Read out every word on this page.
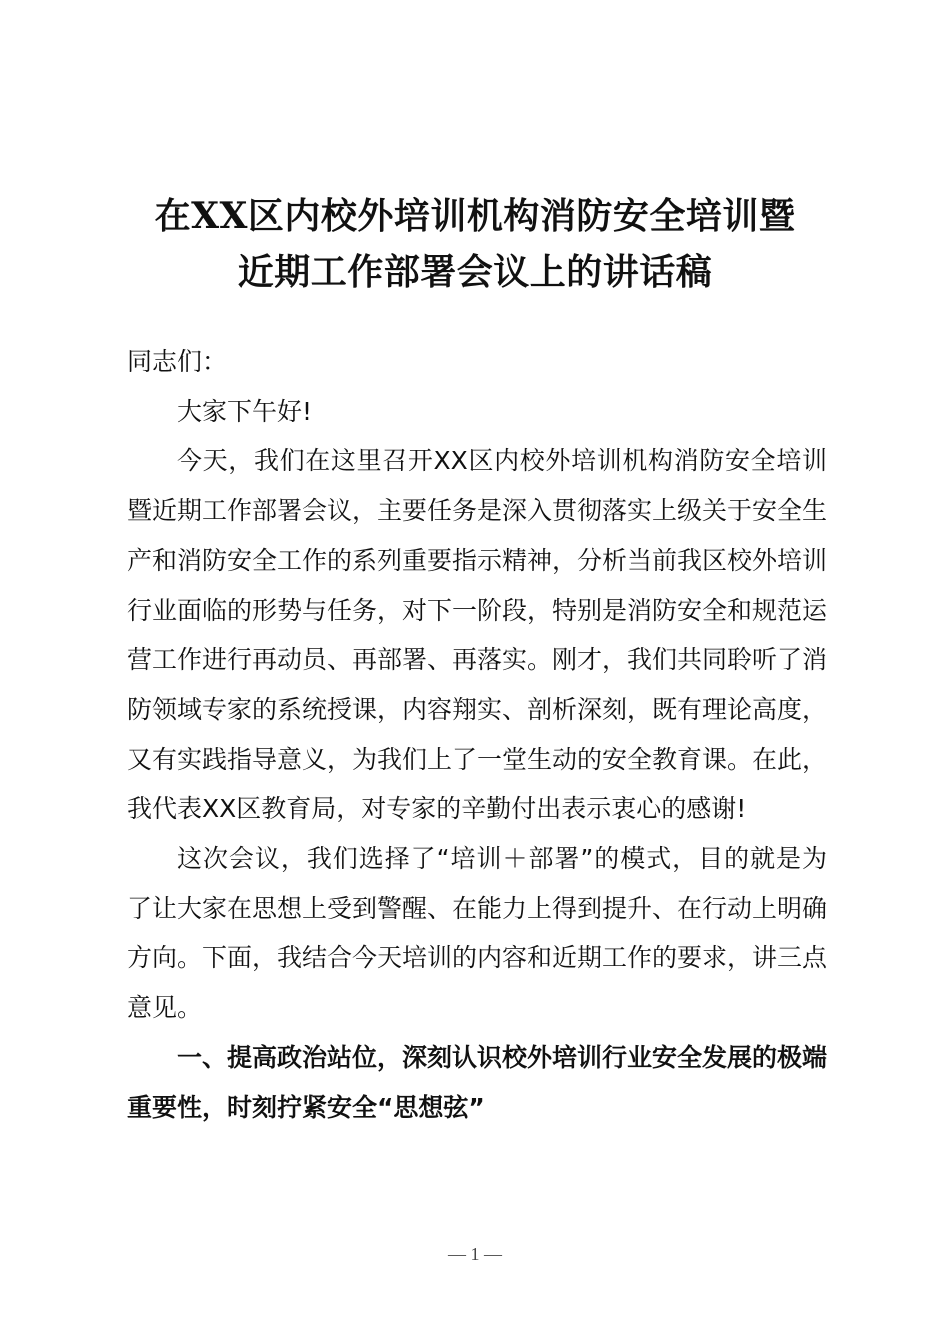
在XX区内校外培训机构消防安全培训暨
近期工作部署会议上的讲话稿

同志们：

大家下午好!

今天，我们在这里召开XX区内校外培训机构消防安全培训暨近期工作部署会议，主要任务是深入贯彻落实上级关于安全生产和消防安全工作的系列重要指示精神，分析当前我区校外培训行业面临的形势与任务，对下一阶段，特别是消防安全和规范运营工作进行再动员、再部署、再落实。刚才，我们共同聆听了消防领域专家的系统授课，内容翔实、剖析深刻，既有理论高度，又有实践指导意义，为我们上了一堂生动的安全教育课。在此，我代表XX区教育局，对专家的辛勤付出表示衷心的感谢!

这次会议，我们选择了“培训＋部署”的模式，目的就是为了让大家在思想上受到警醒、在能力上得到提升、在行动上明确方向。下面，我结合今天培训的内容和近期工作的要求，讲三点意见。

一、提高政治站位，深刻认识校外培训行业安全发展的极端重要性，时刻拧紧安全“思想弦”

— 1 —
